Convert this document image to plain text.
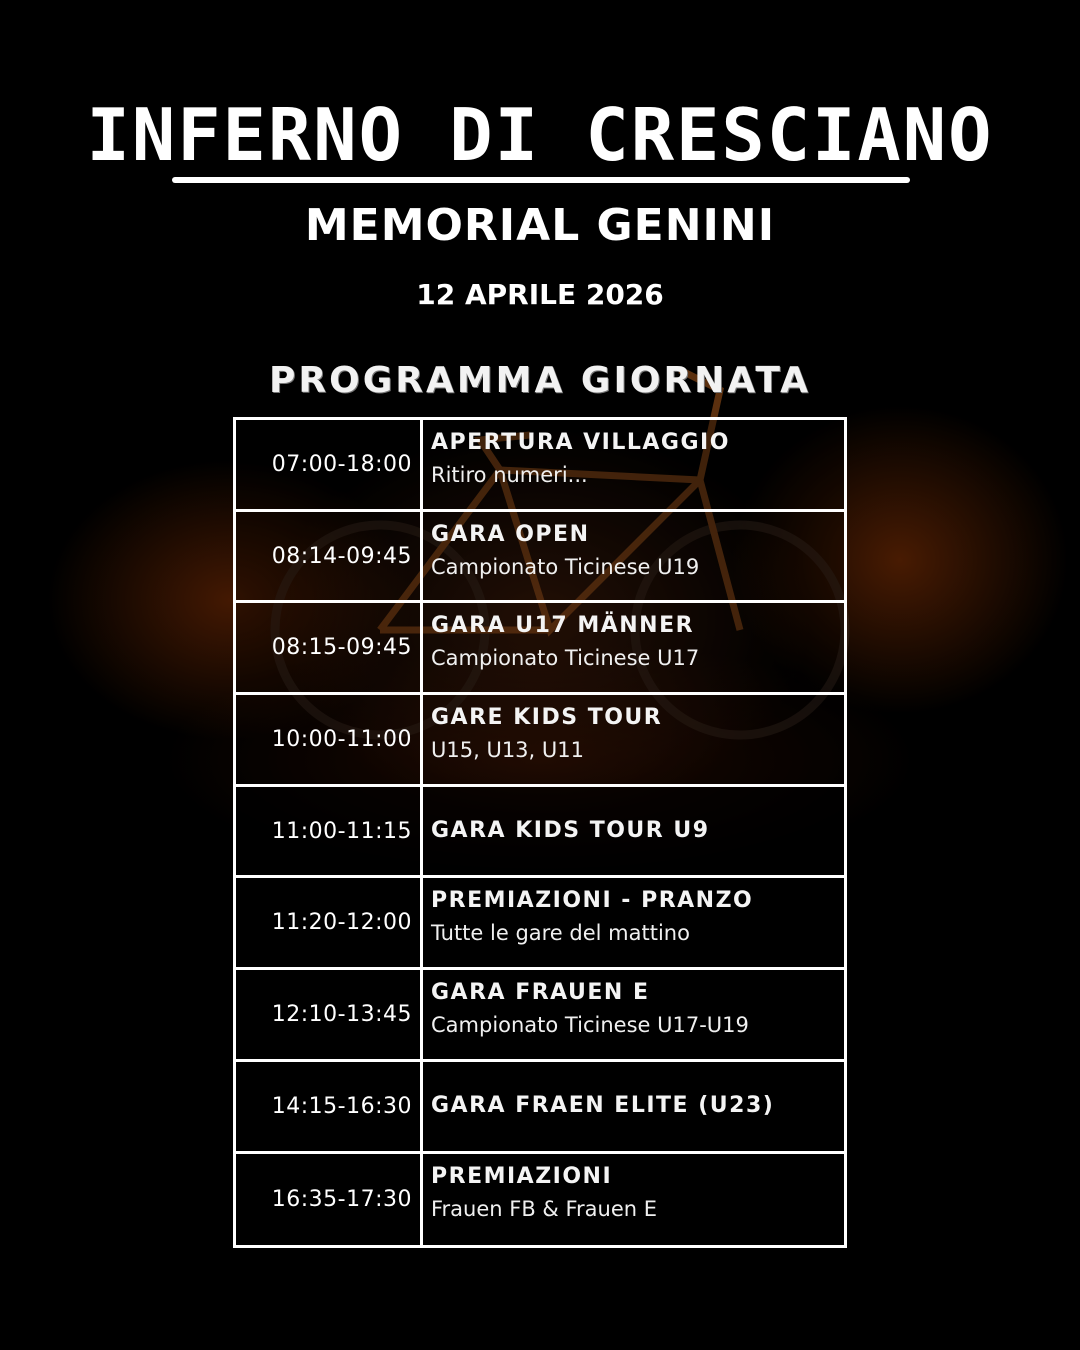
INFERNO DI CRESCIANO
MEMORIAL GENINI
12 APRILE 2026
PROGRAMMA GIORNATA
07:00-18:00
APERTURA VILLAGGIO
Ritiro numeri...
08:14-09:45
GARA OPEN
Campionato Ticinese U19
08:15-09:45
GARA U17 MÄNNER
Campionato Ticinese U17
10:00-11:00
GARE KIDS TOUR
U15, U13, U11
11:00-11:15 GARA KIDS TOUR U9
11:20-12:00
PREMIAZIONI - PRANZO
Tutte le gare del mattino
12:10-13:45
GARA FRAUEN E
Campionato Ticinese U17-U19
14:15-16:30 GARA FRAEN ELITE (U23)
16:35-17:30
PREMIAZIONI
Frauen FB & Frauen E
